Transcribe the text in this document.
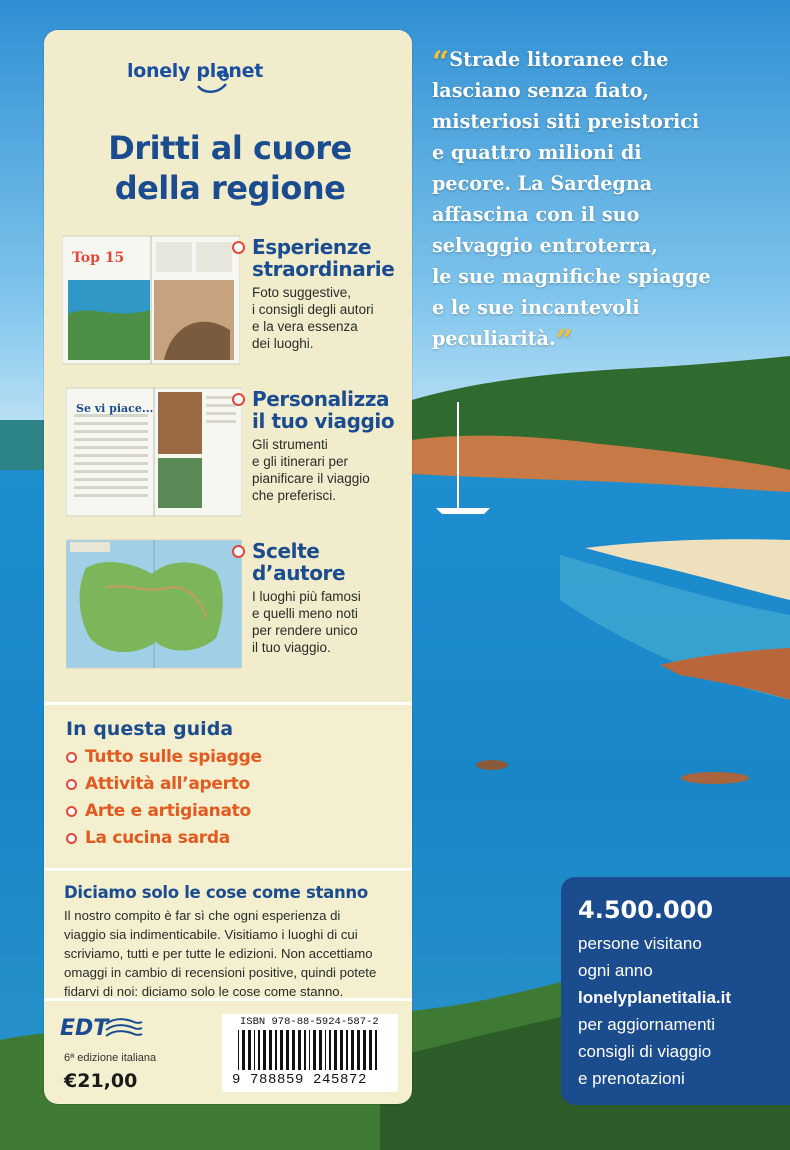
lonely planet
Dritti al cuore
della regione
Top 15	Esperienze
straordinarie
Foto suggestive,
i consigli degli autori
e la vera essenza
dei luoghi.
Se vi piace...	Personalizza
il tuo viaggio
Gli strumenti
e gli itinerari per
pianificare il viaggio
che preferisci.
Scelte
d’autore
I luoghi più famosi
e quelli meno noti
per rendere unico
il tuo viaggio.
In questa guida
Tutto sulle spiagge
Attività all’aperto
Arte e artigianato
La cucina sarda
Diciamo solo le cose come stanno
Il nostro compito è far sì che ogni esperienza di
viaggio sia indimenticabile. Visitiamo i luoghi di cui
scriviamo, tutti e per tutte le edizioni. Non accettiamo
omaggi in cambio di recensioni positive, quindi potete
fidarvi di noi: diciamo solo le cose come stanno.
EDT
6ª edizione italiana
€21,00
ISBN 978-88-5924-587-2
9 788859 245872
“Strade litoranee che
lasciano senza fiato,
misteriosi siti preistorici
e quattro milioni di
pecore. La Sardegna
affascina con il suo
selvaggio entroterra,
le sue magnifiche spiagge
e le sue incantevoli
peculiarità.”
4.500.000
persone visitano
ogni anno
lonelyplanetitalia.it
per aggiornamenti
consigli di viaggio
e prenotazioni
